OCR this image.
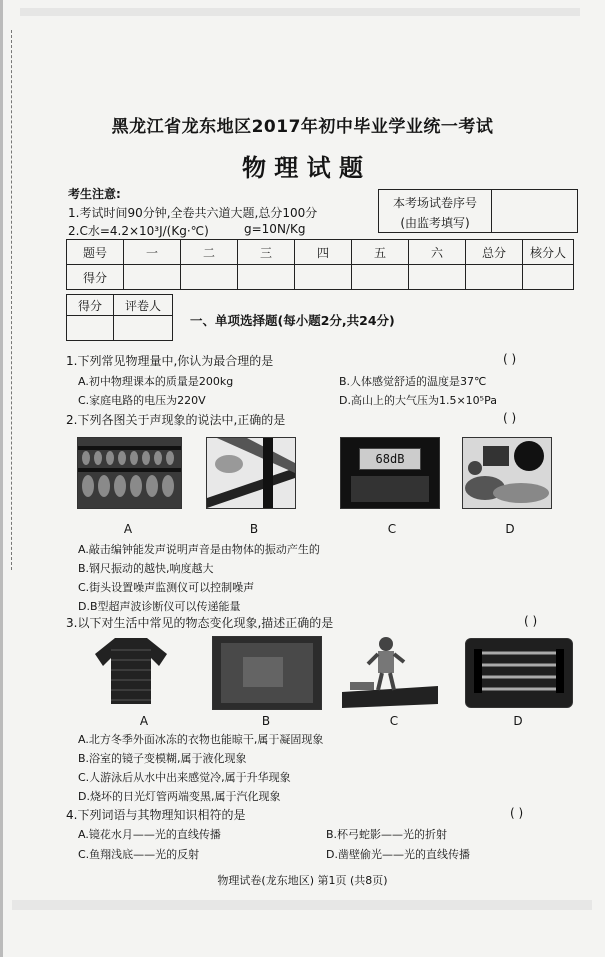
黑龙江省龙东地区2017年初中毕业学业统一考试
物 理 试 题
考生注意:
1.考试时间90分钟,全卷共六道大题,总分100分
2.C水=4.2×10³J/(Kg·℃)	g=10N/Kg
本考场试卷序号
(由监考填写)
题号	一	二	三	四	五	六	总分	核分人
得分								
得分	评卷人

一、单项选择题(每小题2分,共24分)
1.下列常见物理量中,你认为最合理的是	( )
A.初中物理课本的质量是200kg	B.人体感觉舒适的温度是37℃
C.家庭电路的电压为220V	D.高山上的大气压为1.5×10⁵Pa
2.下列各图关于声现象的说法中,正确的是	( )
68dB
A	B	C	D
A.敲击编钟能发声说明声音是由物体的振动产生的
B.钢尺振动的越快,响度越大
C.街头设置噪声监测仪可以控制噪声
D.B型超声波诊断仪可以传递能量
3.以下对生活中常见的物态变化现象,描述正确的是	( )
A	B	C	D
A.北方冬季外面冰冻的衣物也能晾干,属于凝固现象
B.浴室的镜子变模糊,属于液化现象
C.人游泳后从水中出来感觉冷,属于升华现象
D.烧坏的日光灯管两端变黑,属于汽化现象
4.下列词语与其物理知识相符的是	( )
A.镜花水月——光的直线传播	B.杯弓蛇影——光的折射
C.鱼翔浅底——光的反射	D.凿壁偷光——光的直线传播
物理试卷(龙东地区) 第1页 (共8页)
